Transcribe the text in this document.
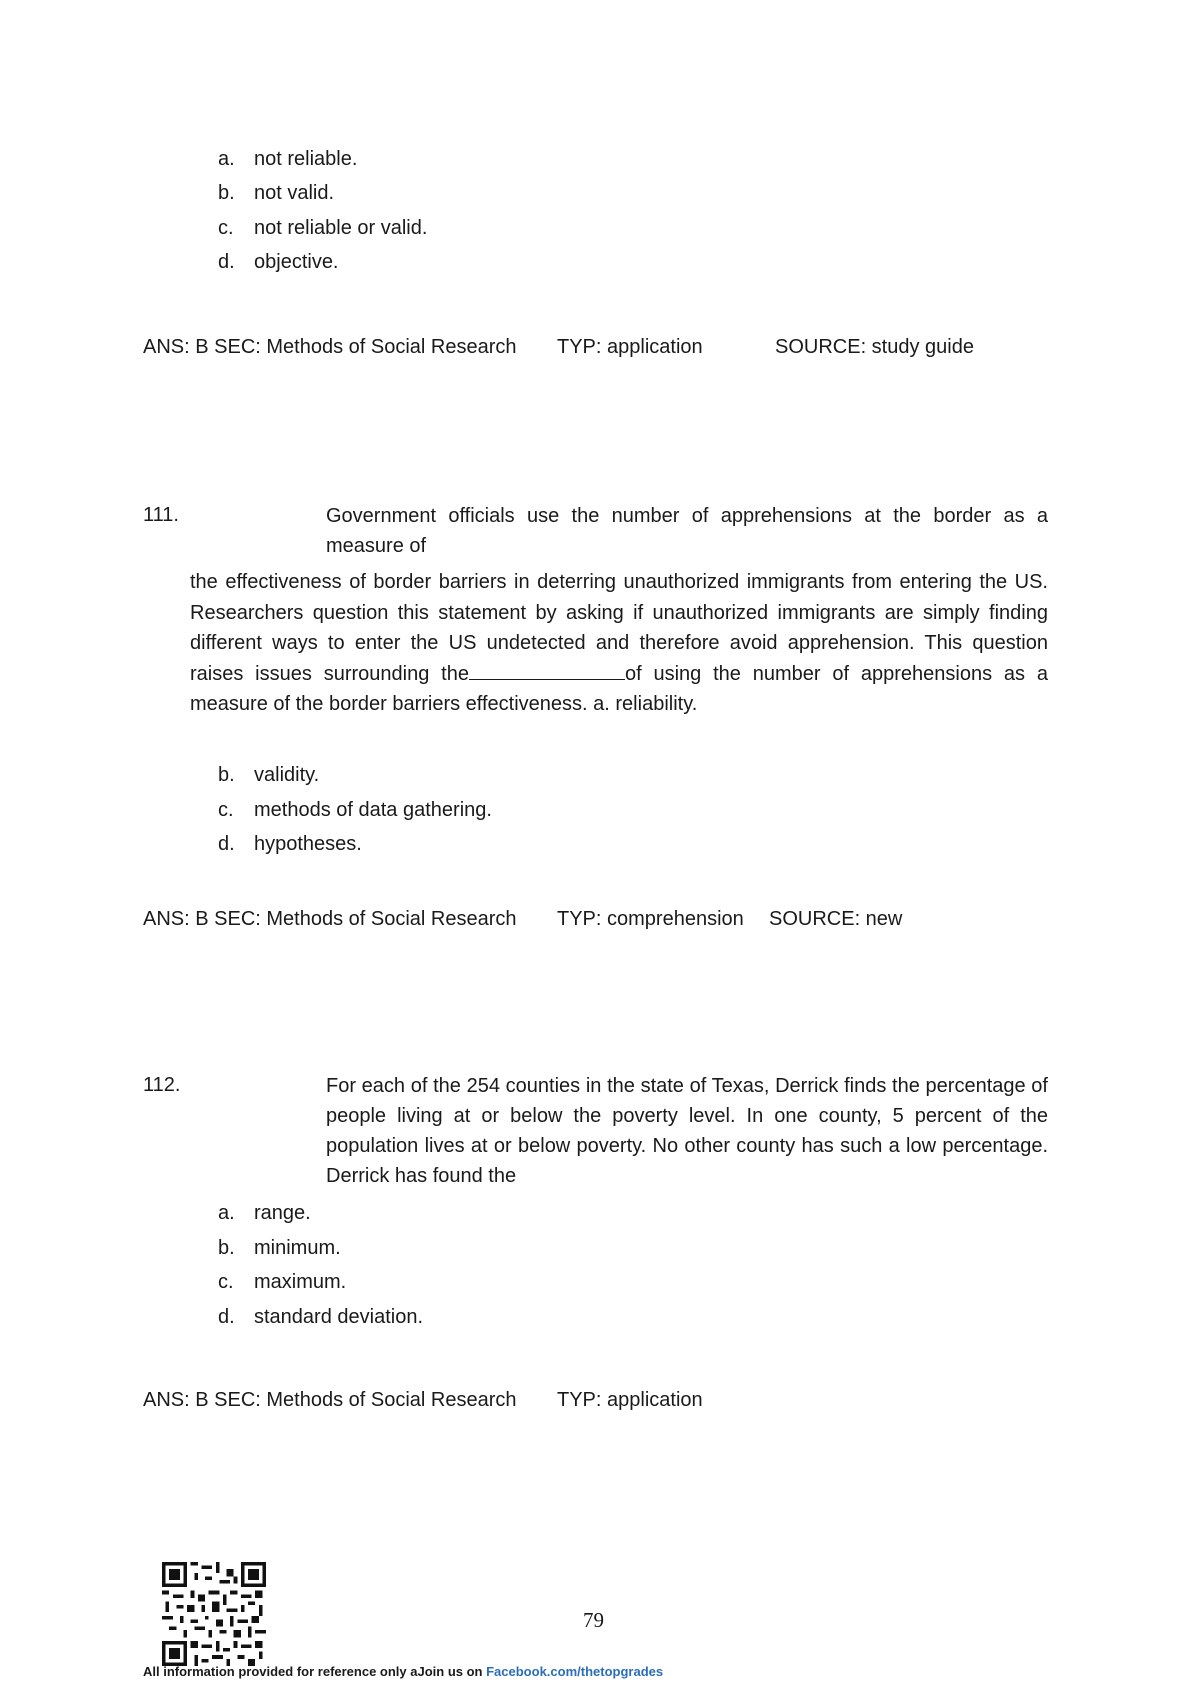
a. not reliable.
b. not valid.
c. not reliable or valid.
d. objective.
ANS: B SEC: Methods of Social Research TYP: application	SOURCE: study guide
111.	Government officials use the number of apprehensions at the border as a measure of
the effectiveness of border barriers in deterring unauthorized immigrants from entering the US. Researchers question this statement by asking if unauthorized immigrants are simply finding different ways to enter the US undetected and therefore avoid apprehension. This question raises issues surrounding the	of using the number of apprehensions as a measure of the border barriers effectiveness. a. reliability.
b. validity.
c. methods of data gathering.
d. hypotheses.
ANS: B SEC: Methods of Social Research TYP: comprehension SOURCE: new
112.	For each of the 254 counties in the state of Texas, Derrick finds the percentage of people living at or below the poverty level. In one county, 5 percent of the population lives at or below poverty. No other county has such a low percentage. Derrick has found the
a. range.
b. minimum.
c. maximum.
d. standard deviation.
ANS: B SEC: Methods of Social Research TYP: application
79
All information provided for reference only aJoin us on Facebook.com/thetopgrades
